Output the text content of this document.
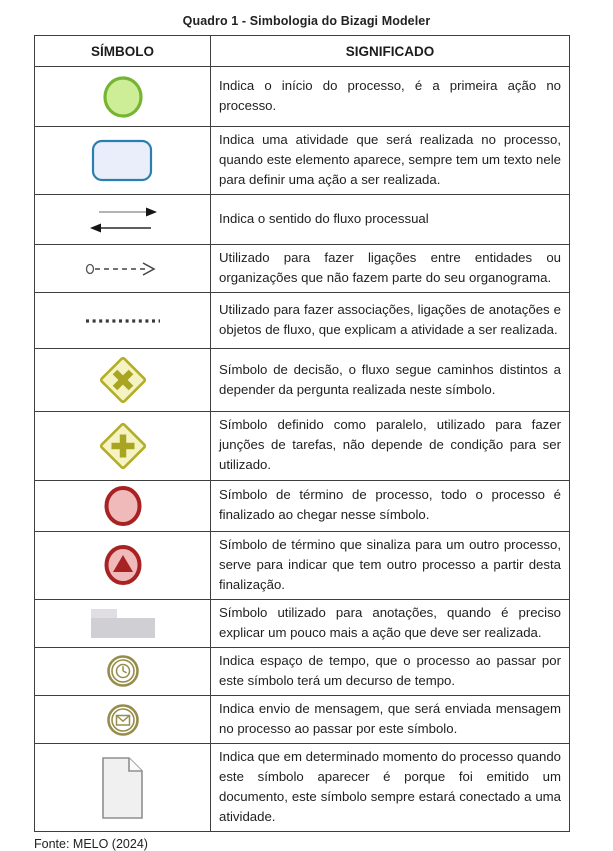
Quadro 1 - Simbologia do Bizagi Modeler
SÍMBOLO	SIGNIFICADO

Indica o início do processo, é a primeira ação no processo.

Indica uma atividade que será realizada no processo, quando este elemento aparece, sempre tem um texto nele para definir uma ação a ser realizada.

Indica o sentido do fluxo processual

Utilizado para fazer ligações entre entidades ou organizações que não fazem parte do seu organograma.

Utilizado para fazer associações, ligações de anotações e objetos de fluxo, que explicam a atividade a ser realizada.

Símbolo de decisão, o fluxo segue caminhos distintos a depender da pergunta realizada neste símbolo.

Símbolo definido como paralelo, utilizado para fazer junções de tarefas, não depende de condição para ser utilizado.

Símbolo de término de processo, todo o processo é finalizado ao chegar nesse símbolo.

Símbolo de término que sinaliza para um outro processo, serve para indicar que tem outro processo a partir desta finalização.

Símbolo utilizado para anotações, quando é preciso explicar um pouco mais a ação que deve ser realizada.

Indica espaço de tempo, que o processo ao passar por este símbolo terá um decurso de tempo.

Indica envio de mensagem, que será enviada mensagem no processo ao passar por este símbolo.

Indica que em determinado momento do processo quando este símbolo aparecer é porque foi emitido um documento, este símbolo sempre estará conectado a uma atividade.
Fonte: MELO (2024)
